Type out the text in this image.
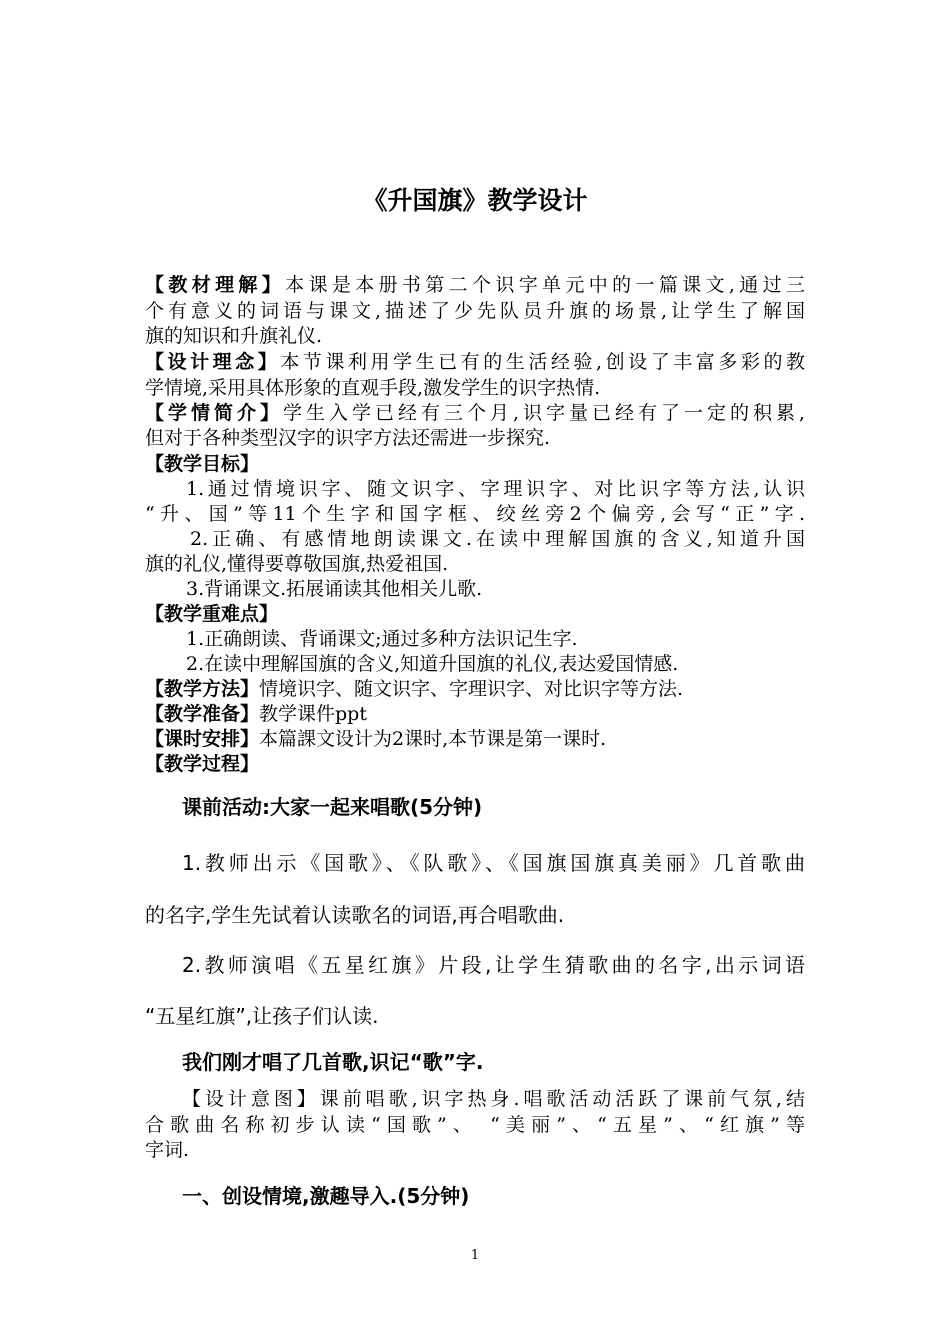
《升国旗》教学设计
【教材理解】本课是本册书第二个识字单元中的一篇课文,通过三
个有意义的词语与课文,描述了少先队员升旗的场景,让学生了解国
旗的知识和升旗礼仪.
【设计理念】本节课利用学生已有的生活经验,创设了丰富多彩的教
学情境,采用具体形象的直观手段,激发学生的识字热情.
【学情简介】学生入学已经有三个月,识字量已经有了一定的积累,
但对于各种类型汉字的识字方法还需进一步探究.
【教学目标】
1.通过情境识字、随文识字、字理识字、对比识字等方法,认识
“升、国”等11个生字和国字框、绞丝旁2个偏旁,会写“正”字.
2.正确、有感情地朗读课文.在读中理解国旗的含义,知道升国
旗的礼仪,懂得要尊敬国旗,热爱祖国.
3.背诵课文.拓展诵读其他相关儿歌.
【教学重难点】
1.正确朗读、背诵课文;通过多种方法识记生字.
2.在读中理解国旗的含义,知道升国旗的礼仪,表达爱国情感.
【教学方法】情境识字、随文识字、字理识字、对比识字等方法.
【教学准备】教学课件ppt
【课时安排】本篇課文设计为2课时,本节课是第一课时.
【教学过程】
课前活动:大家一起来唱歌(5分钟)
1.教师出示《国歌》、《队歌》、《国旗国旗真美丽》几首歌曲
的名字,学生先试着认读歌名的词语,再合唱歌曲.
2.教师演唱《五星红旗》片段,让学生猜歌曲的名字,出示词语
“五星红旗”,让孩子们认读.
我们刚才唱了几首歌,识记“歌”字.
【设计意图】课前唱歌,识字热身.唱歌活动活跃了课前气氛,结
合歌曲名称初步认读“国歌”、 “美丽”、“五星”、“红旗”等
字词.
一、创设情境,激趣导入.(5分钟)
1
